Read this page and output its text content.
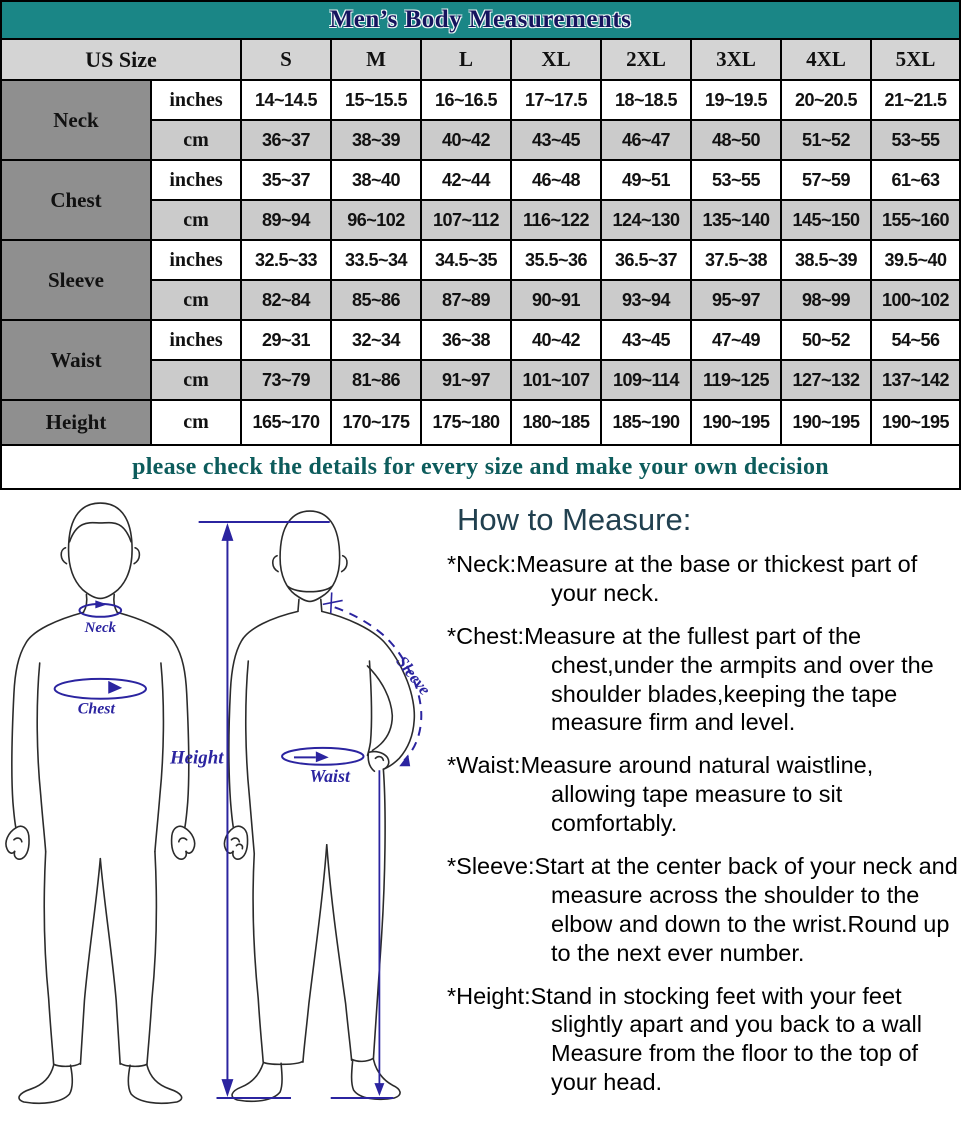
Men’s Body Measurements									
US Size		S	M	L	XL	2XL	3XL	4XL	5XL
Neck	inches	14~14.5	15~15.5	16~16.5	17~17.5	18~18.5	19~19.5	20~20.5	21~21.5
	cm	36~37	38~39	40~42	43~45	46~47	48~50	51~52	53~55
Chest	inches	35~37	38~40	42~44	46~48	49~51	53~55	57~59	61~63
	cm	89~94	96~102	107~112	116~122	124~130	135~140	145~150	155~160
Sleeve	inches	32.5~33	33.5~34	34.5~35	35.5~36	36.5~37	37.5~38	38.5~39	39.5~40
	cm	82~84	85~86	87~89	90~91	93~94	95~97	98~99	100~102
Waist	inches	29~31	32~34	36~38	40~42	43~45	47~49	50~52	54~56
	cm	73~79	81~86	91~97	101~107	109~114	119~125	127~132	137~142
Height	cm	165~170	170~175	175~180	180~185	185~190	190~195	190~195	190~195
please check the details for every size and make your own decision									
Neck
Chest
Waist
Height
Sleeve
How to Measure:

*Neck:Measure at the base or thickest part of your neck.

*Chest:Measure at the fullest part of the chest,under the armpits and over the shoulder blades,keeping the tape measure firm and level.

*Waist:Measure around natural waistline, allowing tape measure to sit comfortably.

*Sleeve:Start at the center back of your neck and measure across the shoulder to the elbow and down to the wrist.Round up to the next ever number.

*Height:Stand in stocking feet with your feet slightly apart and you back to a wall Measure from the floor to the top of your head.
